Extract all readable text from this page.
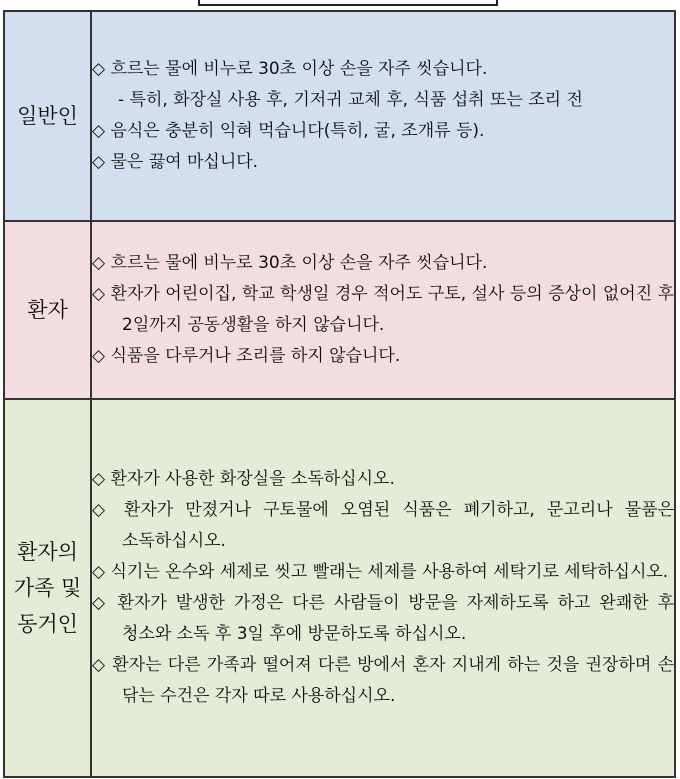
일반인	◇ 흐르는 물에 비누로 30초 이상 손을 자주 씻습니다.
- 특히, 화장실 사용 후, 기저귀 교체 후, 식품 섭취 또는 조리 전
◇ 음식은 충분히 익혀 먹습니다(특히, 굴, 조개류 등).
◇ 물은 끓여 마십니다.

환자	◇ 흐르는 물에 비누로 30초 이상 손을 자주 씻습니다.
◇ 환자가 어린이집, 학교 학생일 경우 적어도 구토, 설사 등의 증상이 없어진 후 2일까지 공동생활을 하지 않습니다.
◇ 식품을 다루거나 조리를 하지 않습니다.

환자의 가족 및 동거인	◇ 환자가 사용한 화장실을 소독하십시오.
◇ 환자가 만졌거나 구토물에 오염된 식품은 폐기하고, 문고리나 물품은 소독하십시오.
◇ 식기는 온수와 세제로 씻고 빨래는 세제를 사용하여 세탁기로 세탁하십시오.
◇ 환자가 발생한 가정은 다른 사람들이 방문을 자제하도록 하고 완쾌한 후 청소와 소독 후 3일 후에 방문하도록 하십시오.
◇ 환자는 다른 가족과 떨어져 다른 방에서 혼자 지내게 하는 것을 권장하며 손 닦는 수건은 각자 따로 사용하십시오.
